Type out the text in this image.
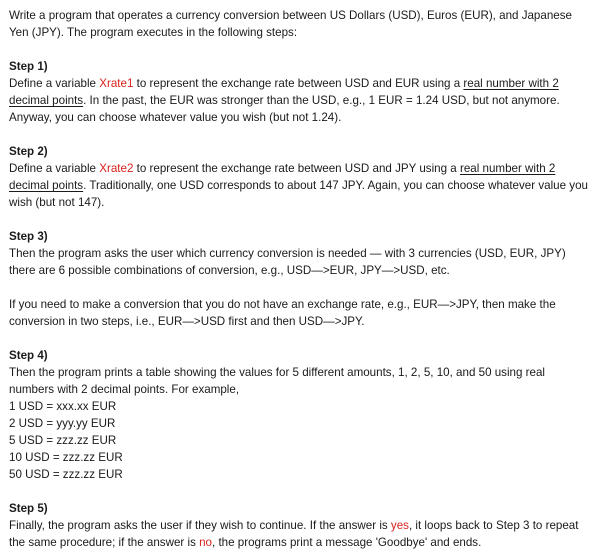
Write a program that operates a currency conversion between US Dollars (USD), Euros (EUR), and Japanese Yen (JPY). The program executes in the following steps:

Step 1)

Define a variable Xrate1 to represent the exchange rate between USD and EUR using a real number with 2 decimal points. In the past, the EUR was stronger than the USD, e.g., 1 EUR = 1.24 USD, but not anymore. Anyway, you can choose whatever value you wish (but not 1.24).

Step 2)

Define a variable Xrate2 to represent the exchange rate between USD and JPY using a real number with 2 decimal points. Traditionally, one USD corresponds to about 147 JPY. Again, you can choose whatever value you wish (but not 147).

Step 3)

Then the program asks the user which currency conversion is needed — with 3 currencies (USD, EUR, JPY) there are 6 possible combinations of conversion, e.g., USD—>EUR, JPY—>USD, etc.

If you need to make a conversion that you do not have an exchange rate, e.g., EUR—>JPY, then make the conversion in two steps, i.e., EUR—>USD first and then USD—>JPY.

Step 4)

Then the program prints a table showing the values for 5 different amounts, 1, 2, 5, 10, and 50 using real numbers with 2 decimal points. For example,

1 USD = xxx.xx EUR
2 USD = yyy.yy EUR
5 USD = zzz.zz EUR
10 USD = zzz.zz EUR
50 USD = zzz.zz EUR

Step 5)

Finally, the program asks the user if they wish to continue. If the answer is yes, it loops back to Step 3 to repeat the same procedure; if the answer is no, the programs print a message 'Goodbye' and ends.
